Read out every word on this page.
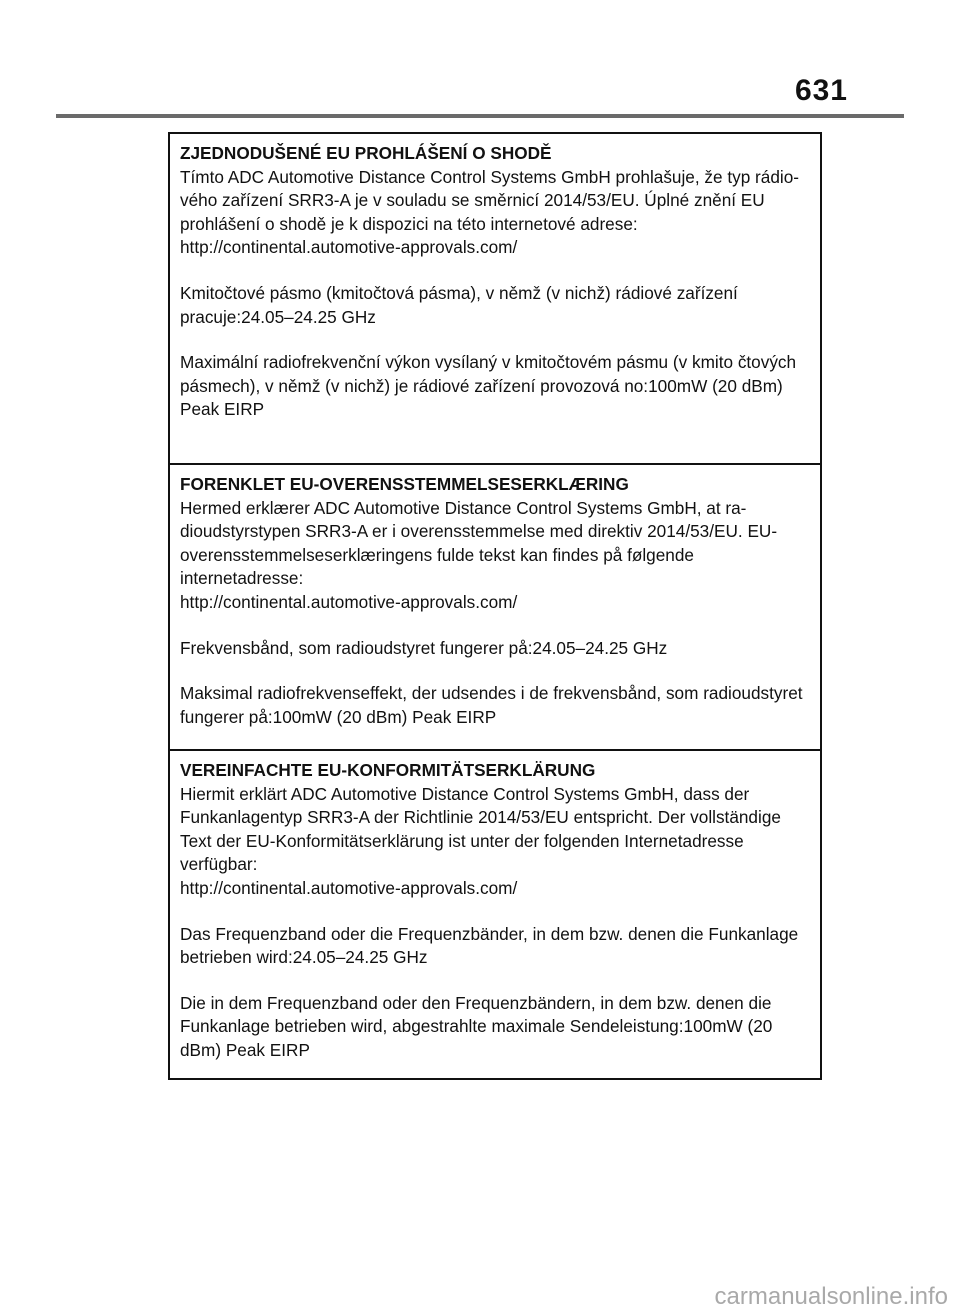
631

ZJEDNODUŠENÉ EU PROHLÁŠENÍ O SHODĚ

Tímto ADC Automotive Distance Control Systems GmbH prohlašuje, že typ rádio-vého zařízení SRR3-A je v souladu se směrnicí 2014/53/EU. Úplné znění EU prohlášení o shodě je k dispozici na této internetové adrese:

http://continental.automotive-approvals.com/

Kmitočtové pásmo (kmitočtová pásma), v němž (v nichž) rádiové zařízení pracuje:24.05–24.25 GHz

Maximální radiofrekvenční výkon vysílaný v kmitočtovém pásmu (v kmito čtových pásmech), v němž (v nichž) je rádiové zařízení provozová no:100mW (20 dBm) Peak EIRP

FORENKLET EU-OVERENSSTEMMELSESERKLÆRING

Hermed erklærer ADC Automotive Distance Control Systems GmbH, at ra-dioudstyrstypen SRR3-A er i overensstemmelse med direktiv 2014/53/EU. EU-overensstemmelseserklæringens fulde tekst kan findes på følgende internetadresse:

http://continental.automotive-approvals.com/

Frekvensbånd, som radioudstyret fungerer på:24.05–24.25 GHz

Maksimal radiofrekvenseffekt, der udsendes i de frekvensbånd, som radioudstyret fungerer på:100mW (20 dBm) Peak EIRP

VEREINFACHTE EU-KONFORMITÄTSERKLÄRUNG

Hiermit erklärt ADC Automotive Distance Control Systems GmbH, dass der Funkanlagentyp SRR3-A der Richtlinie 2014/53/EU entspricht. Der vollständige Text der EU-Konformitätserklärung ist unter der folgenden Internetadresse verfügbar:

http://continental.automotive-approvals.com/

Das Frequenzband oder die Frequenzbänder, in dem bzw. denen die Funkanlage betrieben wird:24.05–24.25 GHz

Die in dem Frequenzband oder den Frequenzbändern, in dem bzw. denen die Funkanlage betrieben wird, abgestrahlte maximale Sendeleistung:100mW (20 dBm) Peak EIRP

carmanualsonline.info
